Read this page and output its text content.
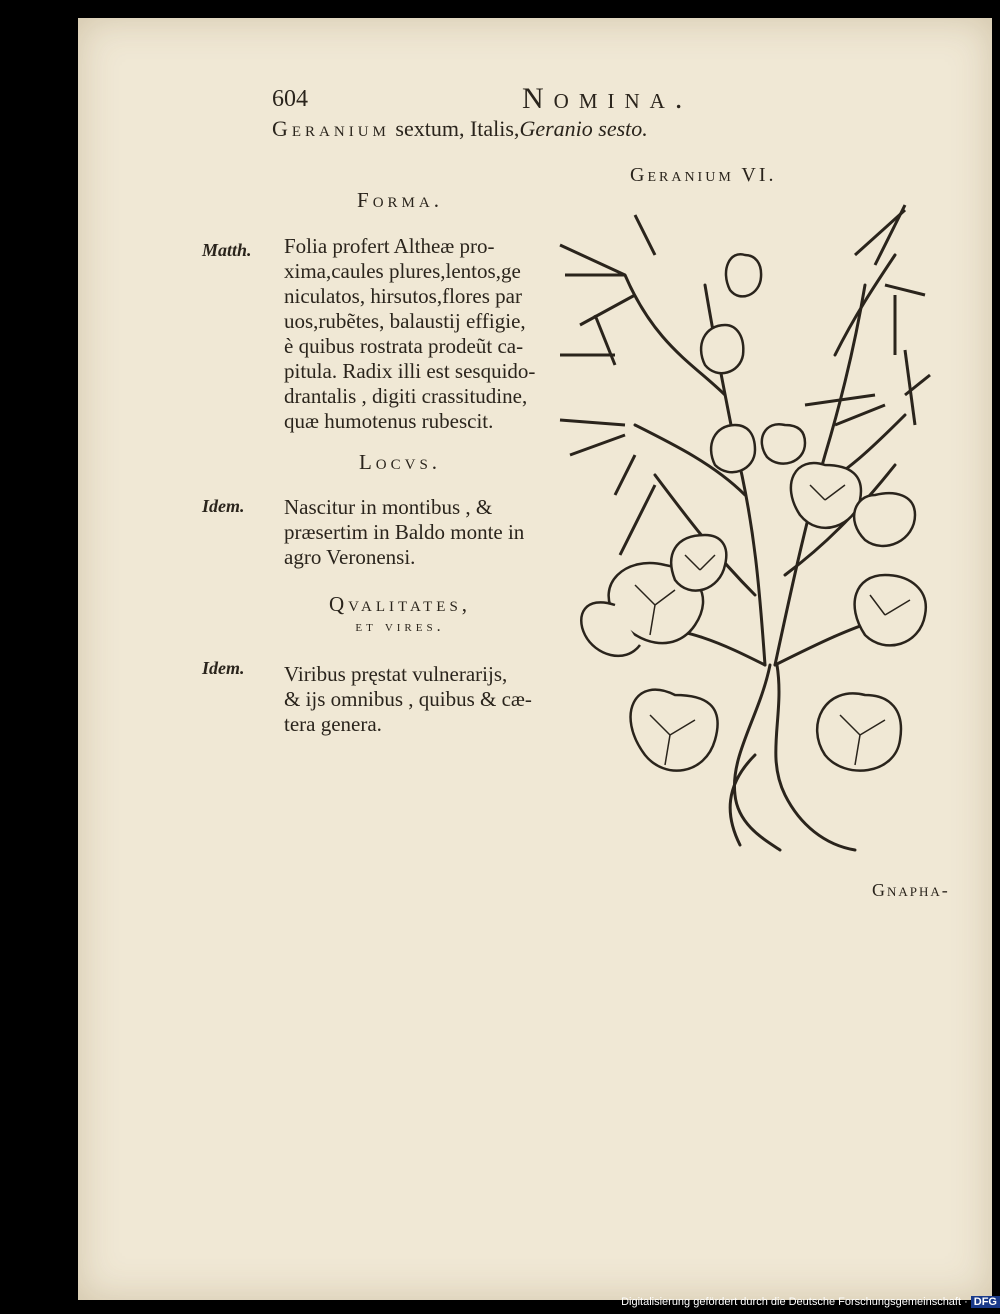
604	Nomina.
Geranium sextum, Italis,Geranio sesto.
Geranium VI.
Forma.
Matth. Folia profert Altheæ pro-
xima,caules plures,lentos,ge
niculatos, hirsutos,flores par
uos,rubẽtes, balaustij effigie,
è quibus rostrata prodeũt ca-
pitula. Radix illi est sesquido-
drantalis , digiti crassitudine,
quæ humotenus rubescit.
Locvs.
Idem. Nascitur in montibus , &
præsertim in Baldo monte in
agro Veronensi.
Qvalitates,
et vires.
Idem. Viribus pręstat vulnerarijs,
& ijs omnibus , quibus & cæ-
tera genera.
Gnapha-
Digitalisierung gefördert durch die Deutsche Forschungsgemeinschaft · DFG
